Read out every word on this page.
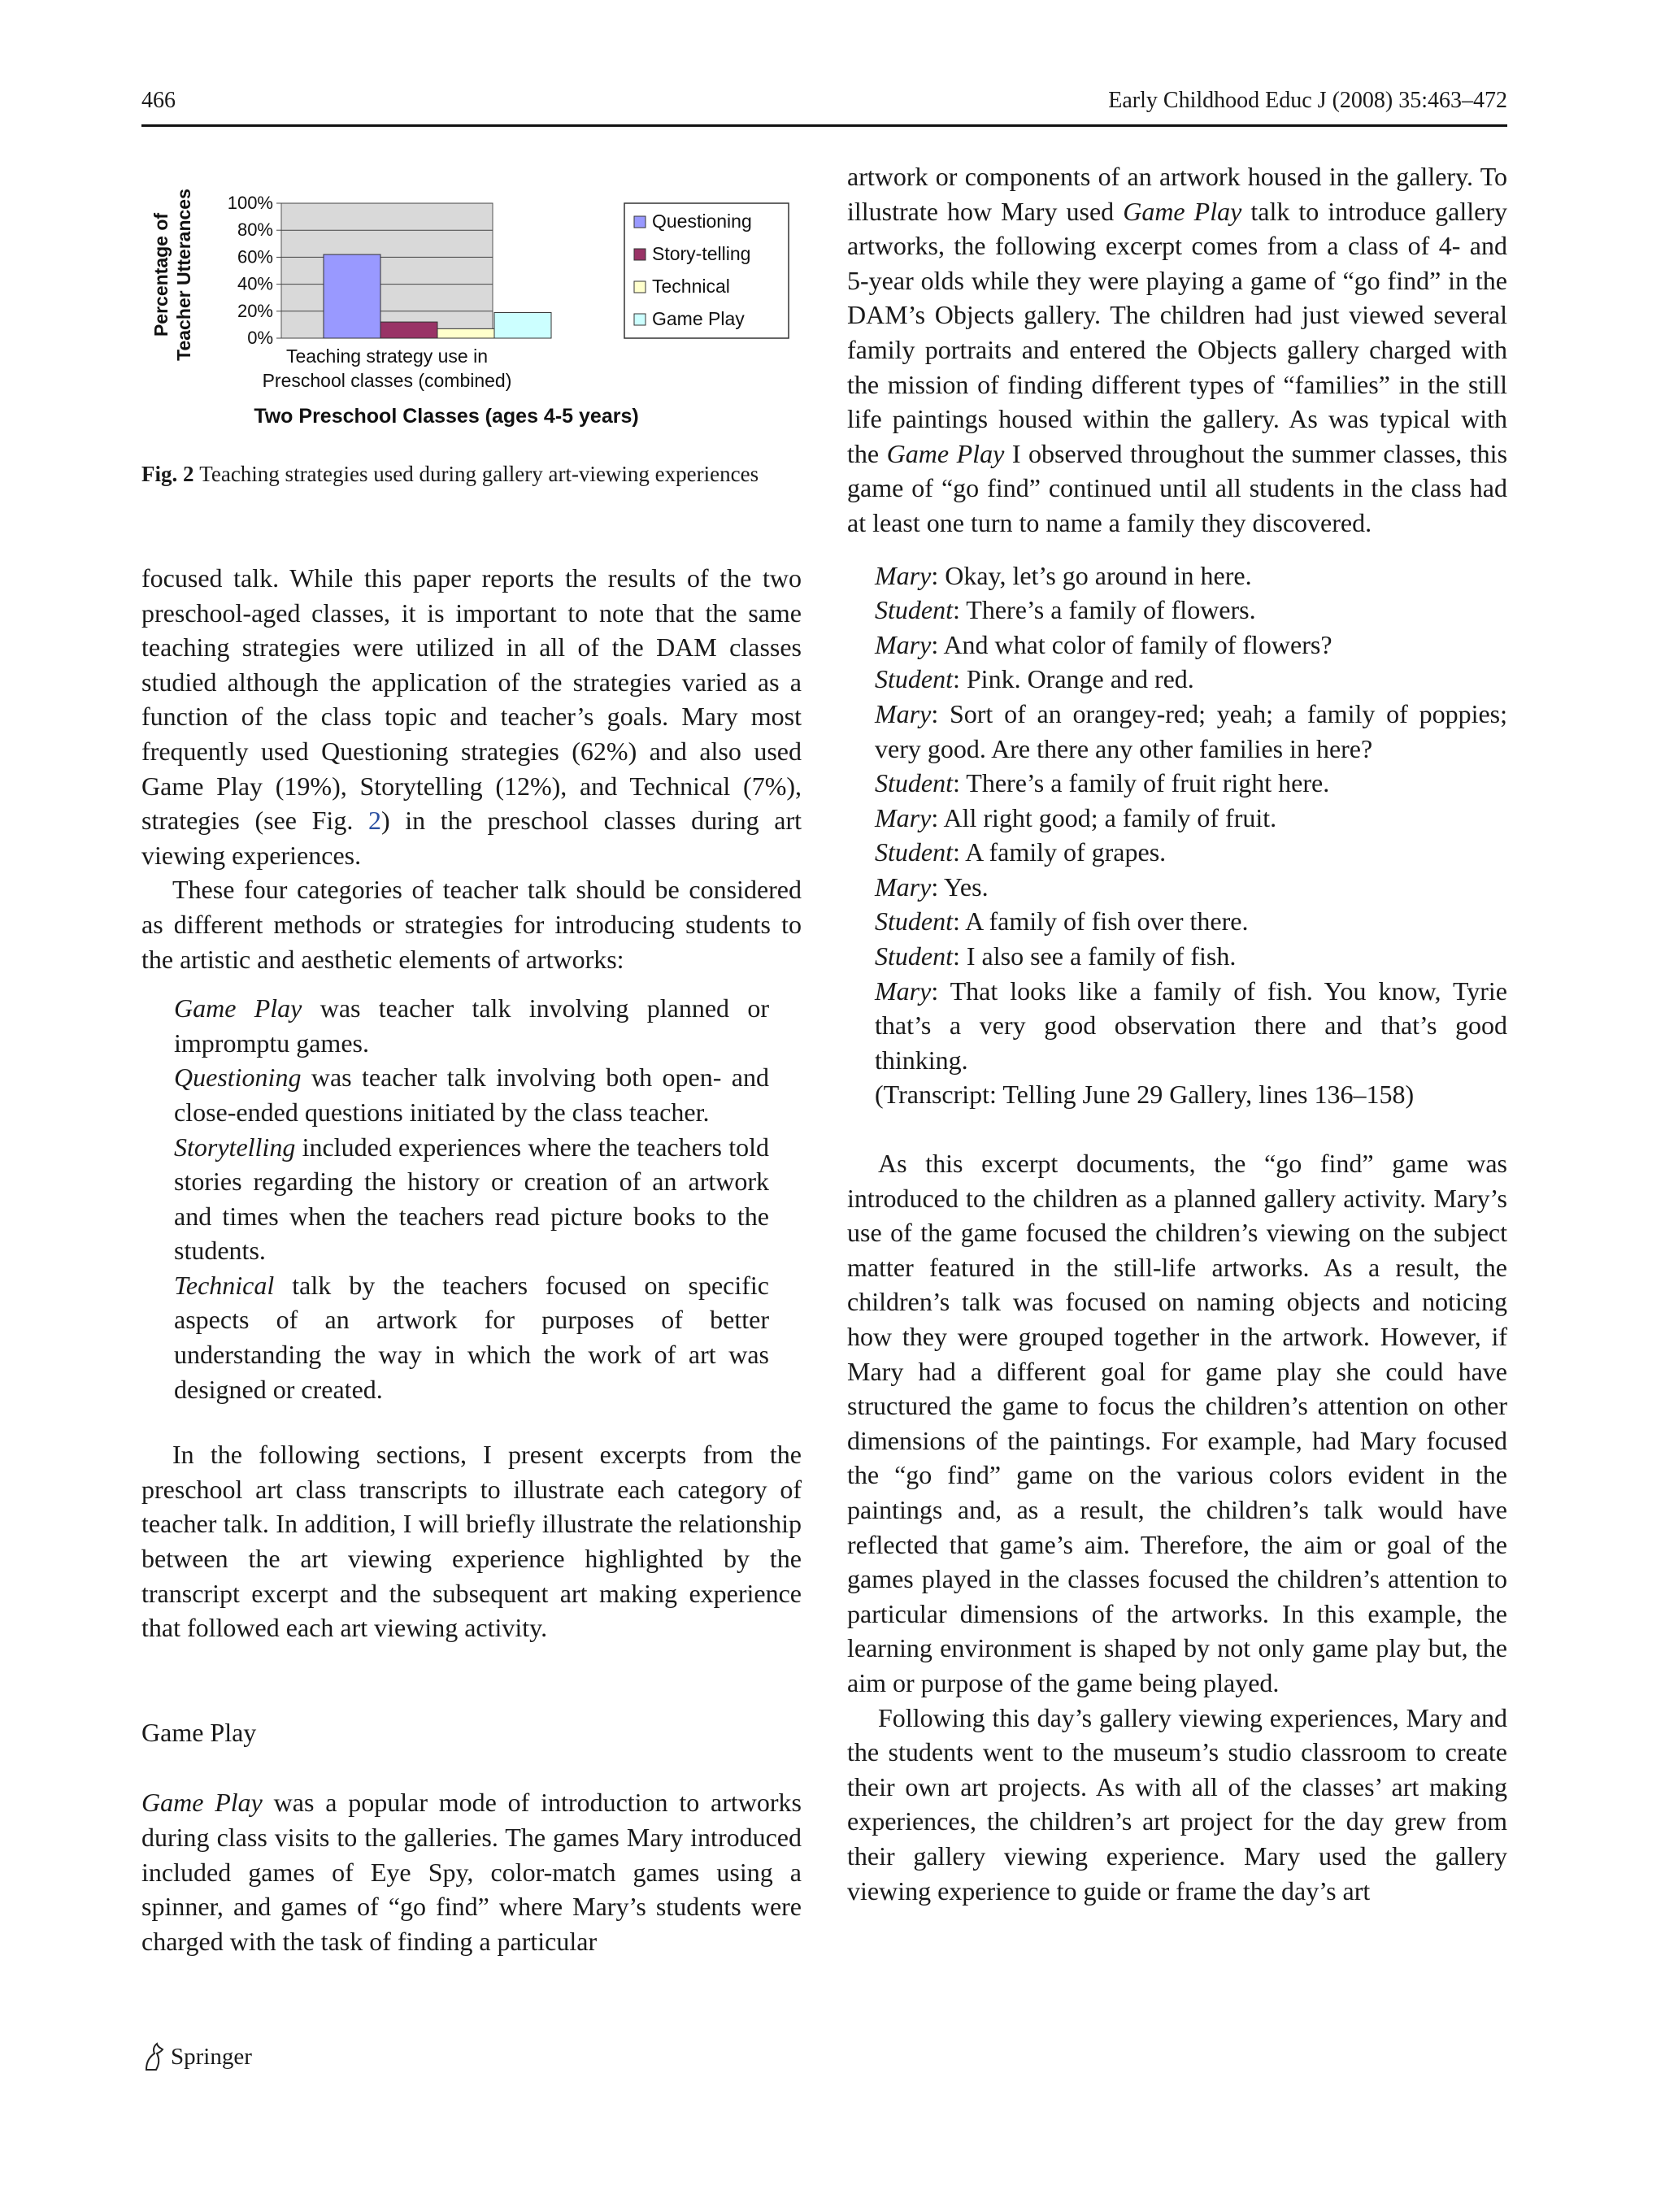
466	Early Childhood Educ J (2008) 35:463–472
Percentage of Teacher Utterances	0%
20%
40%
60%
80%
100%
Teaching strategy use in
Preschool classes (combined)
Questioning
Story-telling
Technical
Game Play
Two Preschool Classes (ages 4-5 years)
Fig. 2 Teaching strategies used during gallery art-viewing experiences

focused talk. While this paper reports the results of the two preschool-aged classes, it is important to note that the same teaching strategies were utilized in all of the DAM classes studied although the application of the strategies varied as a function of the class topic and teacher’s goals. Mary most frequently used Questioning strategies (62%) and also used Game Play (19%), Storytelling (12%), and Technical (7%), strategies (see Fig. 2) in the preschool classes during art viewing experiences.

These four categories of teacher talk should be considered as different methods or strategies for introducing students to the artistic and aesthetic elements of artworks:

Game Play was teacher talk involving planned or impromptu games.

Questioning was teacher talk involving both open- and close-ended questions initiated by the class teacher.

Storytelling included experiences where the teachers told stories regarding the history or creation of an artwork and times when the teachers read picture books to the students.

Technical talk by the teachers focused on specific aspects of an artwork for purposes of better understanding the way in which the work of art was designed or created.

In the following sections, I present excerpts from the preschool art class transcripts to illustrate each category of teacher talk. In addition, I will briefly illustrate the relationship between the art viewing experience highlighted by the transcript excerpt and the subsequent art making experience that followed each art viewing activity.

Game Play

Game Play was a popular mode of introduction to artworks during class visits to the galleries. The games Mary introduced included games of Eye Spy, color-match games using a spinner, and games of “go find” where Mary’s students were charged with the task of finding a particular

artwork or components of an artwork housed in the gallery. To illustrate how Mary used Game Play talk to introduce gallery artworks, the following excerpt comes from a class of 4- and 5-year olds while they were playing a game of “go find” in the DAM’s Objects gallery. The children had just viewed several family portraits and entered the Objects gallery charged with the mission of finding different types of “families” in the still life paintings housed within the gallery. As was typical with the Game Play I observed throughout the summer classes, this game of “go find” continued until all students in the class had at least one turn to name a family they discovered.

Mary: Okay, let’s go around in here.

Student: There’s a family of flowers.

Mary: And what color of family of flowers?

Student: Pink. Orange and red.

Mary: Sort of an orangey-red; yeah; a family of poppies; very good. Are there any other families in here?

Student: There’s a family of fruit right here.

Mary: All right good; a family of fruit.

Student: A family of grapes.

Mary: Yes.

Student: A family of fish over there.

Student: I also see a family of fish.

Mary: That looks like a family of fish. You know, Tyrie that’s a very good observation there and that’s good thinking.

(Transcript: Telling June 29 Gallery, lines 136–158)

As this excerpt documents, the “go find” game was introduced to the children as a planned gallery activity. Mary’s use of the game focused the children’s viewing on the subject matter featured in the still-life artworks. As a result, the children’s talk was focused on naming objects and noticing how they were grouped together in the artwork. However, if Mary had a different goal for game play she could have structured the game to focus the children’s attention on other dimensions of the paintings. For example, had Mary focused the “go find” game on the various colors evident in the paintings and, as a result, the children’s talk would have reflected that game’s aim. Therefore, the aim or goal of the games played in the classes focused the children’s attention to particular dimensions of the artworks. In this example, the learning environment is shaped by not only game play but, the aim or purpose of the game being played.

Following this day’s gallery viewing experiences, Mary and the students went to the museum’s studio classroom to create their own art projects. As with all of the classes’ art making experiences, the children’s art project for the day grew from their gallery viewing experience. Mary used the gallery viewing experience to guide or frame the day’s art

Springer
